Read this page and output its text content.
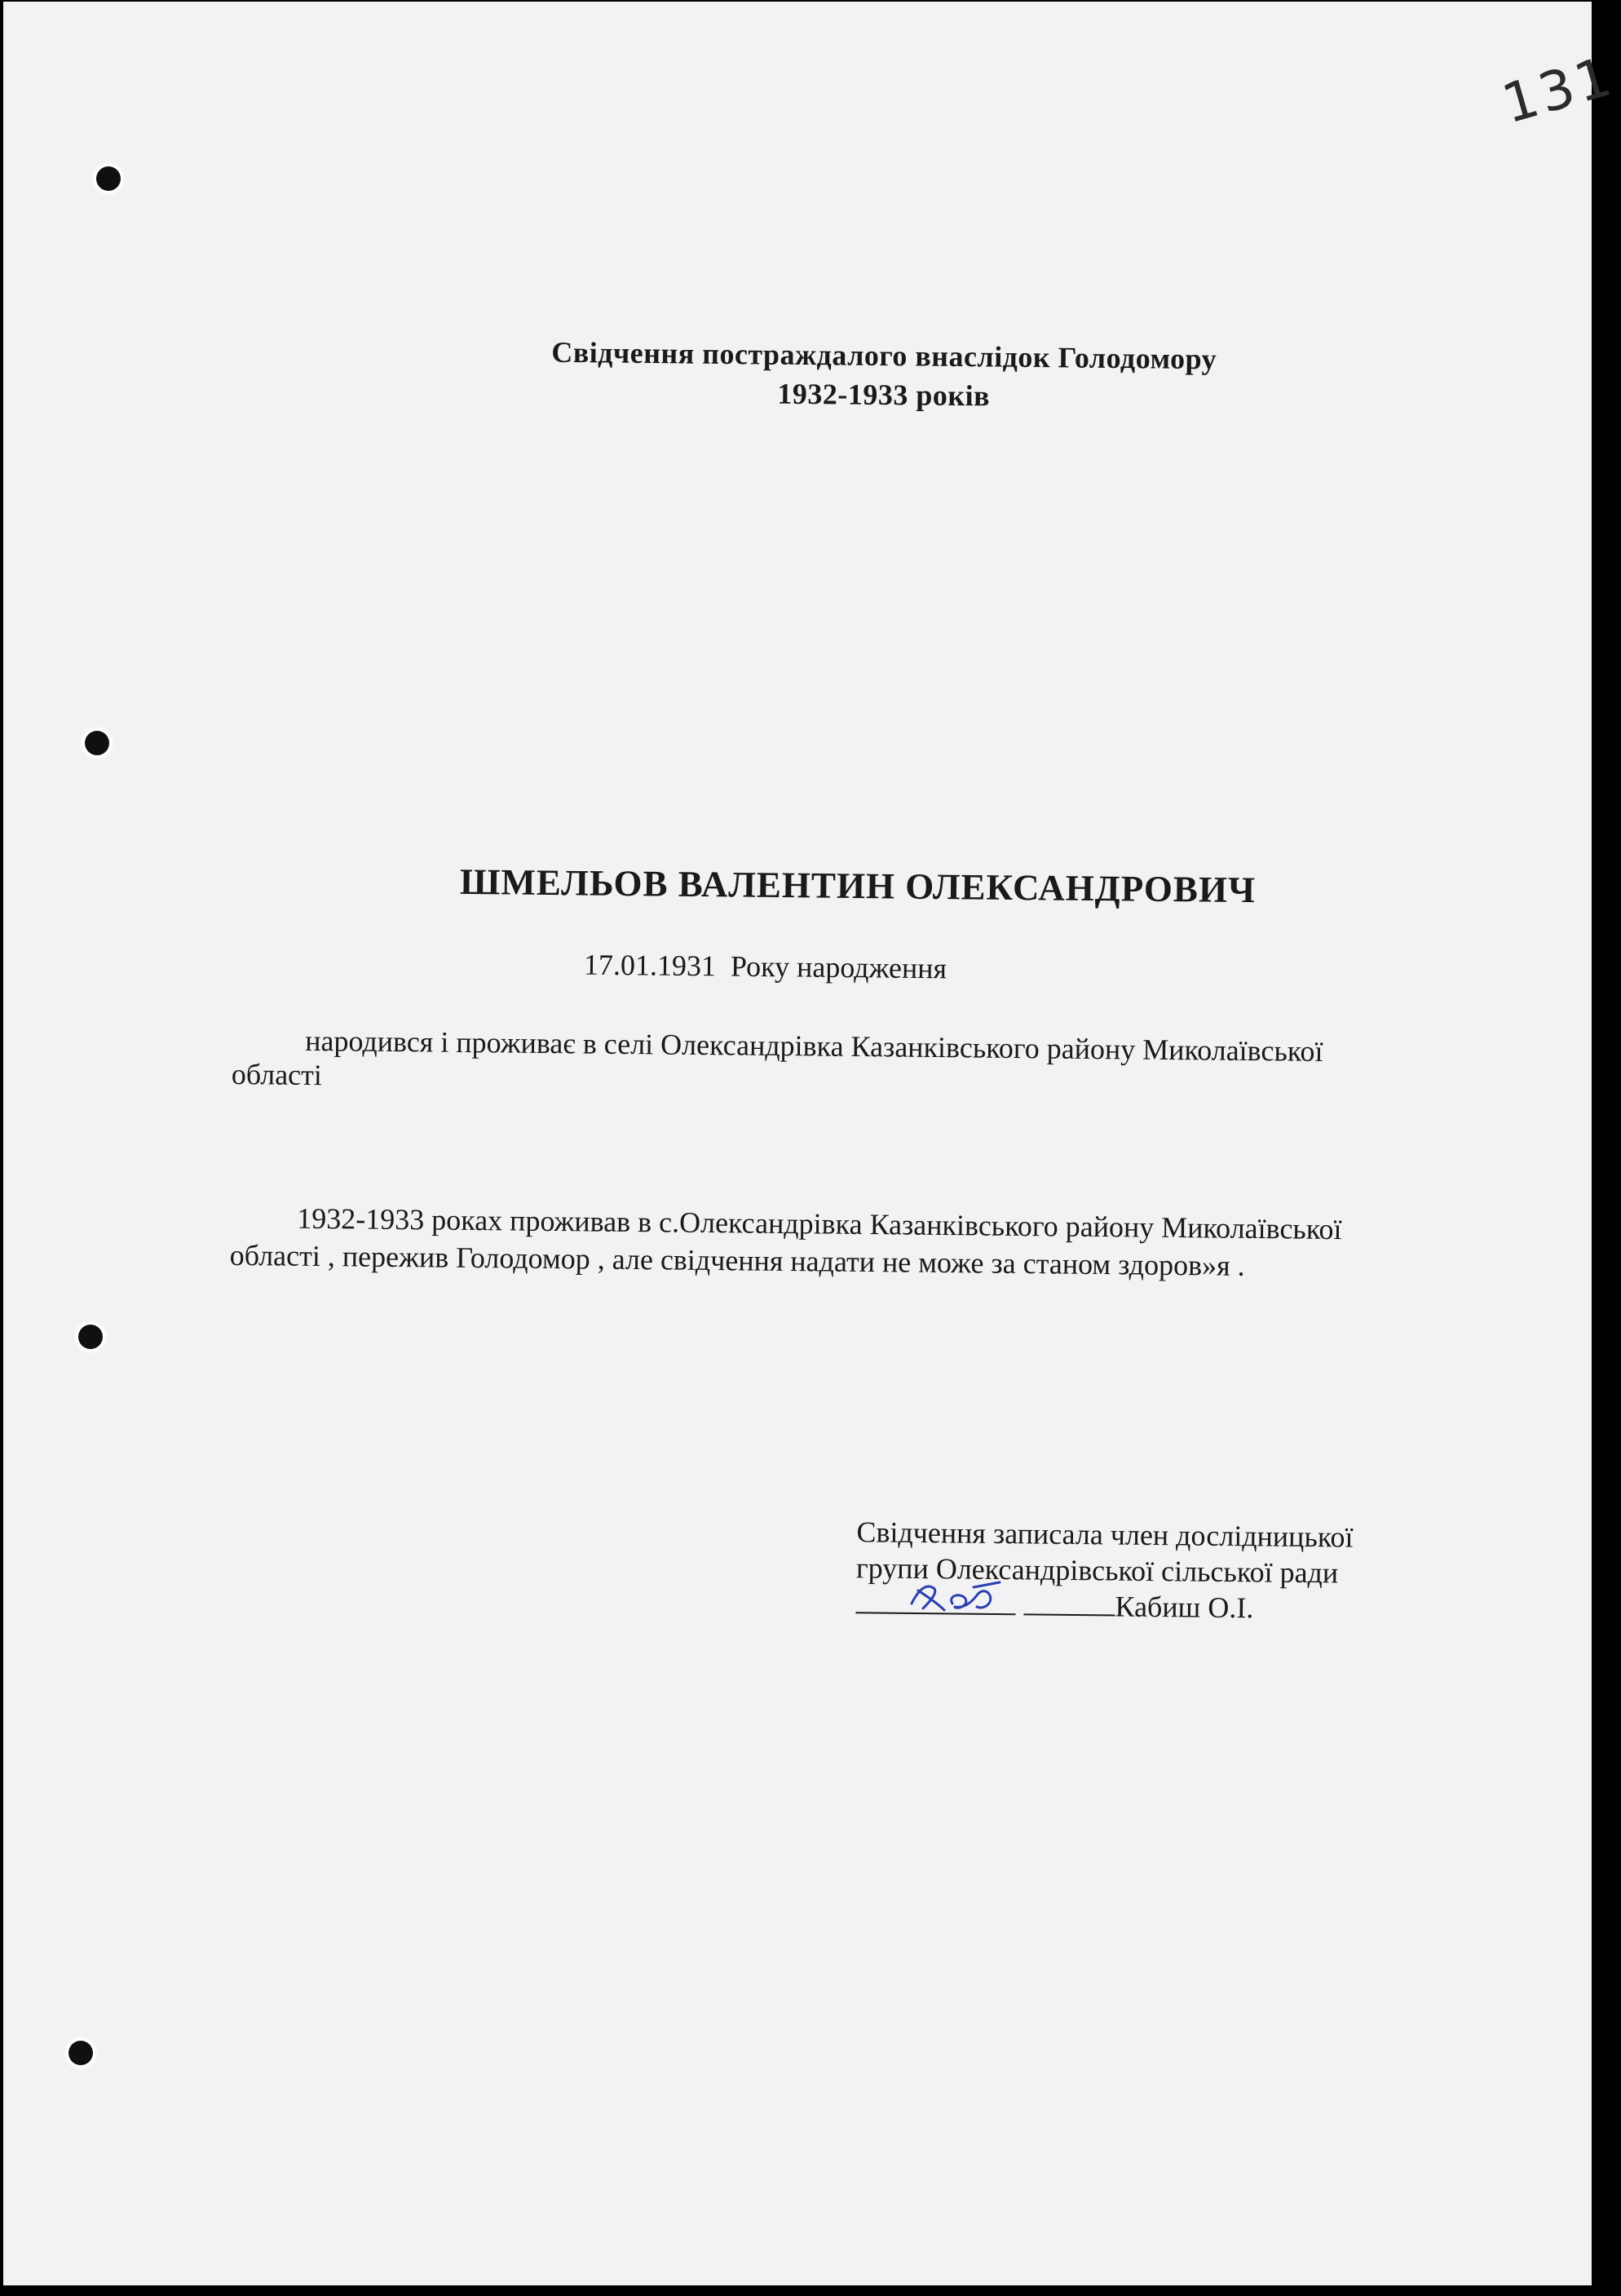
131
Свідчення постраждалого внаслідок Голодомору
1932-1933 років
ШМЕЛЬОВ ВАЛЕНТИН ОЛЕКСАНДРОВИЧ
17.01.1931 Року народження
народився і проживає в селі Олександрівка Казанківського району Миколаївської
області
1932-1933 роках проживав в с.Олександрівка Казанківського району Миколаївської
області , пережив Голодомор , але свідчення надати не може за станом здоров»я .
Свідчення записала член дослідницької
групи Олександрівської сільської ради
Кабиш О.І.
